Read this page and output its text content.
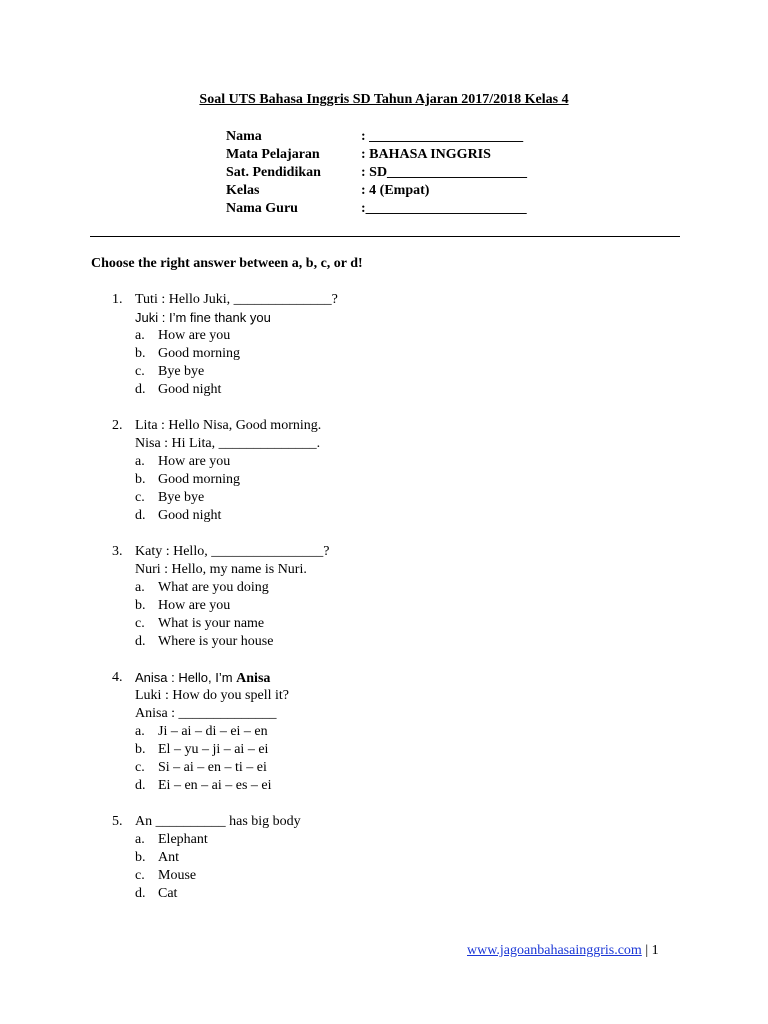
Soal UTS Bahasa Inggris SD Tahun Ajaran 2017/2018 Kelas 4
Nama	: ______________________
Mata Pelajaran	: BAHASA INGGRIS
Sat. Pendidikan	: SD____________________
Kelas	: 4 (Empat)
Nama Guru	:_______________________
Choose the right answer between a, b, c, or d!

1.

Tuti : Hello Juki, ______________?

Juki : I’m fine thank you

a.

How are you

b.

Good morning

c.

Bye bye

d.

Good night

2.

Lita : Hello Nisa, Good morning.

Nisa : Hi Lita, ______________.

a.

How are you

b.

Good morning

c.

Bye bye

d.

Good night

3.

Katy : Hello, ________________?

Nuri : Hello, my name is Nuri.

a.

What are you doing

b.

How are you

c.

What is your name

d.

Where is your house

4.

Anisa : Hello, I’m Anisa

Luki : How do you spell it?

Anisa : ______________

a.

Ji – ai – di – ei – en

b.

El – yu – ji – ai – ei

c.

Si – ai – en – ti – ei

d.

Ei – en – ai – es – ei

5.

An __________ has big body

a.

Elephant

b.

Ant

c.

Mouse

d.

Cat

www.jagoanbahasainggris.com | 1
